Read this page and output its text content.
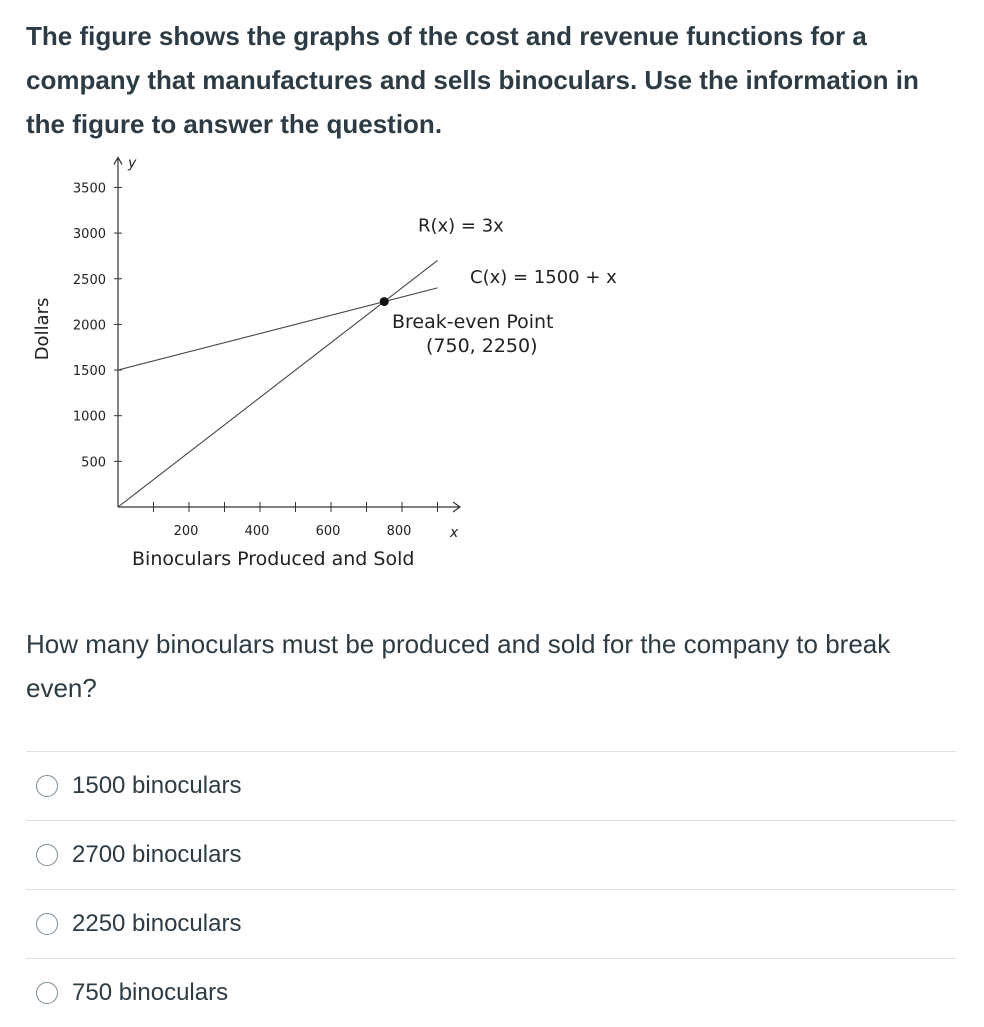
The figure shows the graphs of the cost and revenue functions for a company that manufactures and sells binoculars. Use the information in the figure to answer the question.

500
1000
1500
2000
2500
3000
3500
200	400	600	800
Dollars
y
x
Binoculars Produced and Sold
R(x) = 3x
C(x) = 1500 + x
Break-even Point
(750, 2250)

How many binoculars must be produced and sold for the company to break even?

1500 binoculars
2700 binoculars
2250 binoculars
750 binoculars
